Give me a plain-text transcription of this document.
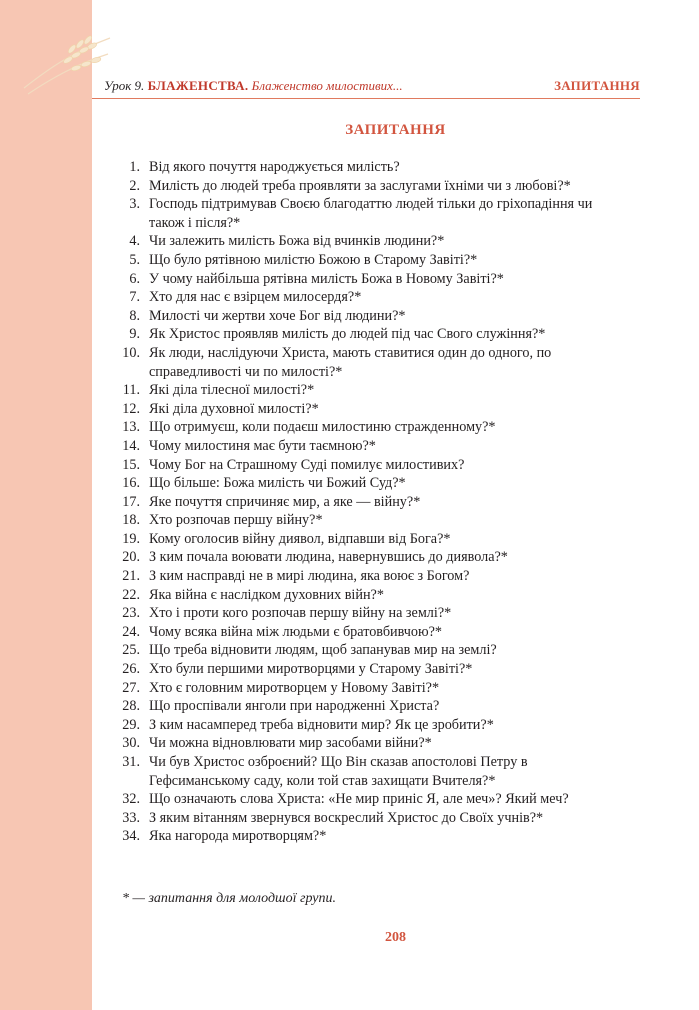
Урок 9. БЛАЖЕНСТВА. Блаженство милостивих...	ЗАПИТАННЯ
ЗАПИТАННЯ
1. Від якого почуття народжується милість?
2. Милість до людей треба проявляти за заслугами їхніми чи з любові?*
3. Господь підтримував Своєю благодаттю людей тільки до гріхопадіння чи також і після?*
4. Чи залежить милість Божа від вчинків людини?*
5. Що було рятівною милістю Божою в Старому Завіті?*
6. У чому найбільша рятівна милість Божа в Новому Завіті?*
7. Хто для нас є взірцем милосердя?*
8. Милості чи жертви хоче Бог від людини?*
9. Як Христос проявляв милість до людей під час Свого служіння?*
10. Як люди, наслідуючи Христа, мають ставитися один до одного, по справедливості чи по милості?*
11. Які діла тілесної милості?*
12. Які діла духовної милості?*
13. Що отримуєш, коли подаєш милостиню стражденному?*
14. Чому милостиня має бути таємною?*
15. Чому Бог на Страшному Суді помилує милостивих?
16. Що більше: Божа милість чи Божий Суд?*
17. Яке почуття спричиняє мир, а яке — війну?*
18. Хто розпочав першу війну?*
19. Кому оголосив війну диявол, відпавши від Бога?*
20. З ким почала воювати людина, навернувшись до диявола?*
21. З ким насправді не в мирі людина, яка воює з Богом?
22. Яка війна є наслідком духовних війн?*
23. Хто і проти кого розпочав першу війну на землі?*
24. Чому всяка війна між людьми є братовбивчою?*
25. Що треба відновити людям, щоб запанував мир на землі?
26. Хто були першими миротворцями у Старому Завіті?*
27. Хто є головним миротворцем у Новому Завіті?*
28. Що проспівали янголи при народженні Христа?
29. З ким насамперед треба відновити мир? Як це зробити?*
30. Чи можна відновлювати мир засобами війни?*
31. Чи був Христос озброєний? Що Він сказав апостолові Петру в Гефсиманському саду, коли той став захищати Вчителя?*
32. Що означають слова Христа: «Не мир приніс Я, але меч»? Який меч?
33. З яким вітанням звернувся воскреслий Христос до Своїх учнів?*
34. Яка нагорода миротворцям?*
* — запитання для молодшої групи.
208
